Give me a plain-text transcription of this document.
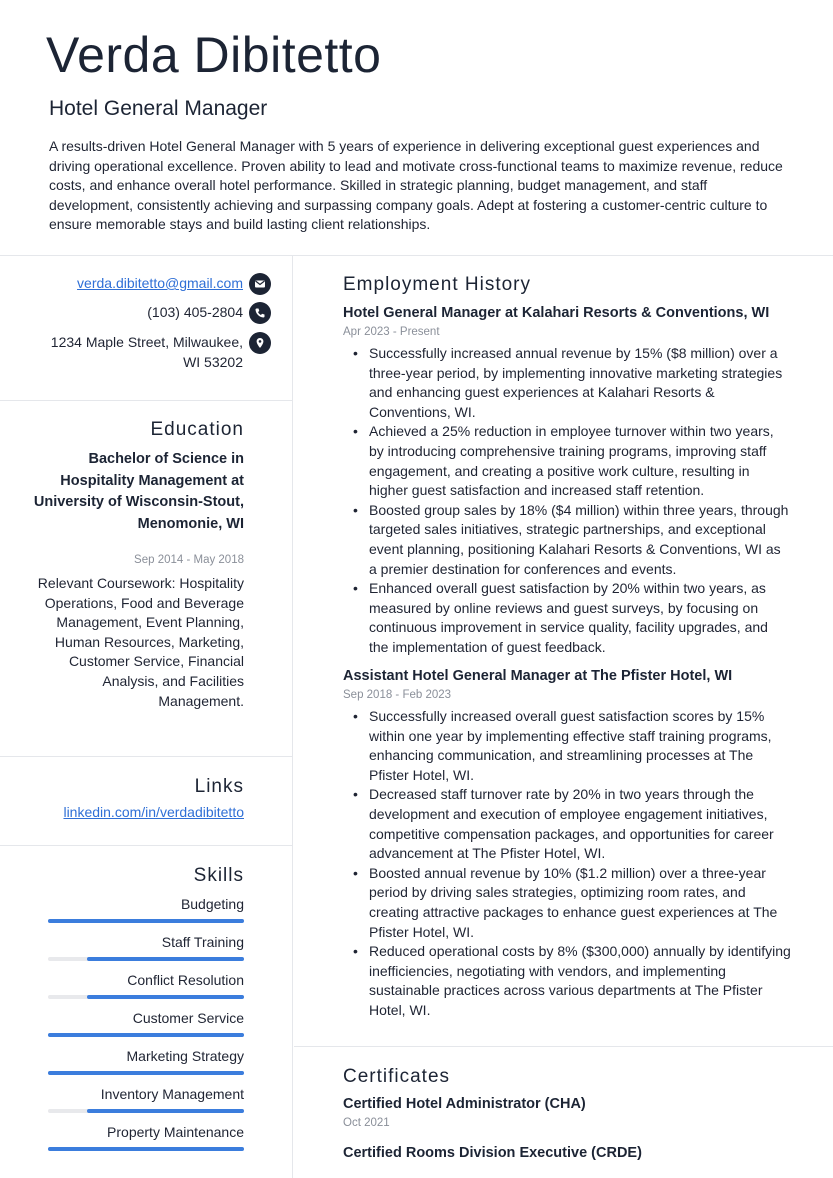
Verda Dibitetto
Hotel General Manager
A results-driven Hotel General Manager with 5 years of experience in delivering exceptional guest experiences and driving operational excellence. Proven ability to lead and motivate cross-functional teams to maximize revenue, reduce costs, and enhance overall hotel performance. Skilled in strategic planning, budget management, and staff development, consistently achieving and surpassing company goals. Adept at fostering a customer-centric culture to ensure memorable stays and build lasting client relationships.
verda.dibitetto@gmail.com
(103) 405-2804
1234 Maple Street, Milwaukee,
WI 53202
Education
Bachelor of Science in Hospitality Management at University of Wisconsin-Stout, Menomonie, WI
Sep 2014 - May 2018
Relevant Coursework: Hospitality Operations, Food and Beverage Management, Event Planning, Human Resources, Marketing, Customer Service, Financial Analysis, and Facilities Management.
Links
linkedin.com/in/verdadibitetto
Skills
Budgeting
Staff Training
Conflict Resolution
Customer Service
Marketing Strategy
Inventory Management
Property Maintenance
Employment History
Hotel General Manager at Kalahari Resorts & Conventions, WI
Apr 2023 - Present
• Successfully increased annual revenue by 15% ($8 million) over a three-year period, by implementing innovative marketing strategies and enhancing guest experiences at Kalahari Resorts & Conventions, WI.
• Achieved a 25% reduction in employee turnover within two years, by introducing comprehensive training programs, improving staff engagement, and creating a positive work culture, resulting in higher guest satisfaction and increased staff retention.
• Boosted group sales by 18% ($4 million) within three years, through targeted sales initiatives, strategic partnerships, and exceptional event planning, positioning Kalahari Resorts & Conventions, WI as a premier destination for conferences and events.
• Enhanced overall guest satisfaction by 20% within two years, as measured by online reviews and guest surveys, by focusing on continuous improvement in service quality, facility upgrades, and the implementation of guest feedback.
Assistant Hotel General Manager at The Pfister Hotel, WI
Sep 2018 - Feb 2023
• Successfully increased overall guest satisfaction scores by 15% within one year by implementing effective staff training programs, enhancing communication, and streamlining processes at The Pfister Hotel, WI.
• Decreased staff turnover rate by 20% in two years through the development and execution of employee engagement initiatives, competitive compensation packages, and opportunities for career advancement at The Pfister Hotel, WI.
• Boosted annual revenue by 10% ($1.2 million) over a three-year period by driving sales strategies, optimizing room rates, and creating attractive packages to enhance guest experiences at The Pfister Hotel, WI.
• Reduced operational costs by 8% ($300,000) annually by identifying inefficiencies, negotiating with vendors, and implementing sustainable practices across various departments at The Pfister Hotel, WI.
Certificates
Certified Hotel Administrator (CHA)
Oct 2021
Certified Rooms Division Executive (CRDE)
